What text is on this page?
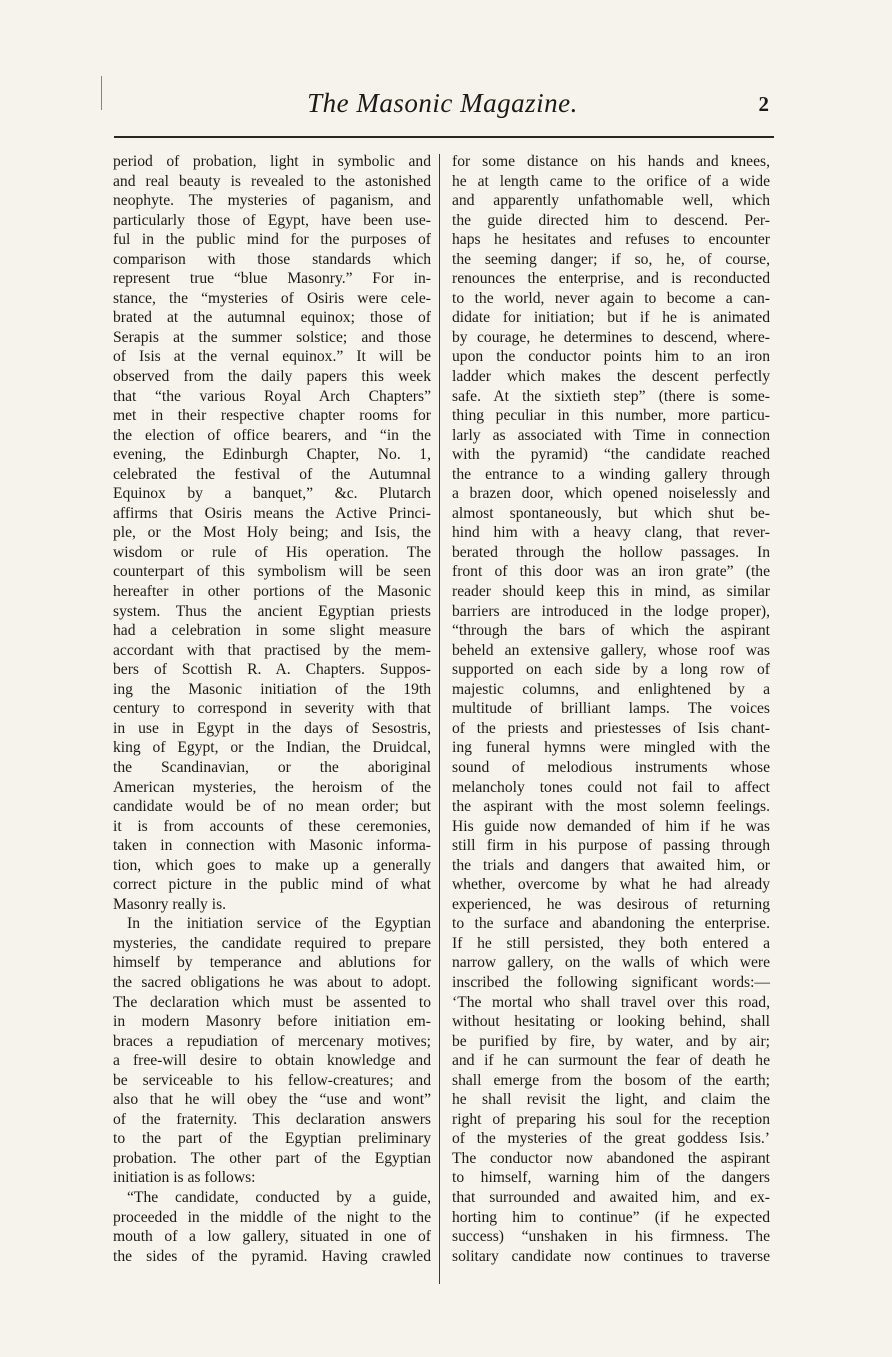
The Masonic Magazine.	2
period of probation, light in symbolic and
and real beauty is revealed to the astonished
neophyte. The mysteries of paganism, and
particularly those of Egypt, have been use-
ful in the public mind for the purposes of
comparison with those standards which
represent true “blue Masonry.” For in-
stance, the “mysteries of Osiris were cele-
brated at the autumnal equinox; those of
Serapis at the summer solstice; and those
of Isis at the vernal equinox.” It will be
observed from the daily papers this week
that “the various Royal Arch Chapters”
met in their respective chapter rooms for
the election of office bearers, and “in the
evening, the Edinburgh Chapter, No. 1,
celebrated the festival of the Autumnal
Equinox by a banquet,” &c. Plutarch
affirms that Osiris means the Active Princi-
ple, or the Most Holy being; and Isis, the
wisdom or rule of His operation. The
counterpart of this symbolism will be seen
hereafter in other portions of the Masonic
system. Thus the ancient Egyptian priests
had a celebration in some slight measure
accordant with that practised by the mem-
bers of Scottish R. A. Chapters. Suppos-
ing the Masonic initiation of the 19th
century to correspond in severity with that
in use in Egypt in the days of Sesostris,
king of Egypt, or the Indian, the Druidcal,
the Scandinavian, or the aboriginal
American mysteries, the heroism of the
candidate would be of no mean order; but
it is from accounts of these ceremonies,
taken in connection with Masonic informa-
tion, which goes to make up a generally
correct picture in the public mind of what
Masonry really is.
In the initiation service of the Egyptian
mysteries, the candidate required to prepare
himself by temperance and ablutions for
the sacred obligations he was about to adopt.
The declaration which must be assented to
in modern Masonry before initiation em-
braces a repudiation of mercenary motives;
a free-will desire to obtain knowledge and
be serviceable to his fellow-creatures; and
also that he will obey the “use and wont”
of the fraternity. This declaration answers
to the part of the Egyptian preliminary
probation. The other part of the Egyptian
initiation is as follows:
“The candidate, conducted by a guide,
proceeded in the middle of the night to the
mouth of a low gallery, situated in one of
the sides of the pyramid. Having crawled
for some distance on his hands and knees,
he at length came to the orifice of a wide
and apparently unfathomable well, which
the guide directed him to descend. Per-
haps he hesitates and refuses to encounter
the seeming danger; if so, he, of course,
renounces the enterprise, and is reconducted
to the world, never again to become a can-
didate for initiation; but if he is animated
by courage, he determines to descend, where-
upon the conductor points him to an iron
ladder which makes the descent perfectly
safe. At the sixtieth step” (there is some-
thing peculiar in this number, more particu-
larly as associated with Time in connection
with the pyramid) “the candidate reached
the entrance to a winding gallery through
a brazen door, which opened noiselessly and
almost spontaneously, but which shut be-
hind him with a heavy clang, that rever-
berated through the hollow passages. In
front of this door was an iron grate” (the
reader should keep this in mind, as similar
barriers are introduced in the lodge proper),
“through the bars of which the aspirant
beheld an extensive gallery, whose roof was
supported on each side by a long row of
majestic columns, and enlightened by a
multitude of brilliant lamps. The voices
of the priests and priestesses of Isis chant-
ing funeral hymns were mingled with the
sound of melodious instruments whose
melancholy tones could not fail to affect
the aspirant with the most solemn feelings.
His guide now demanded of him if he was
still firm in his purpose of passing through
the trials and dangers that awaited him, or
whether, overcome by what he had already
experienced, he was desirous of returning
to the surface and abandoning the enterprise.
If he still persisted, they both entered a
narrow gallery, on the walls of which were
inscribed the following significant words:—
‘The mortal who shall travel over this road,
without hesitating or looking behind, shall
be purified by fire, by water, and by air;
and if he can surmount the fear of death he
shall emerge from the bosom of the earth;
he shall revisit the light, and claim the
right of preparing his soul for the reception
of the mysteries of the great goddess Isis.’
The conductor now abandoned the aspirant
to himself, warning him of the dangers
that surrounded and awaited him, and ex-
horting him to continue” (if he expected
success) “unshaken in his firmness. The
solitary candidate now continues to traverse
